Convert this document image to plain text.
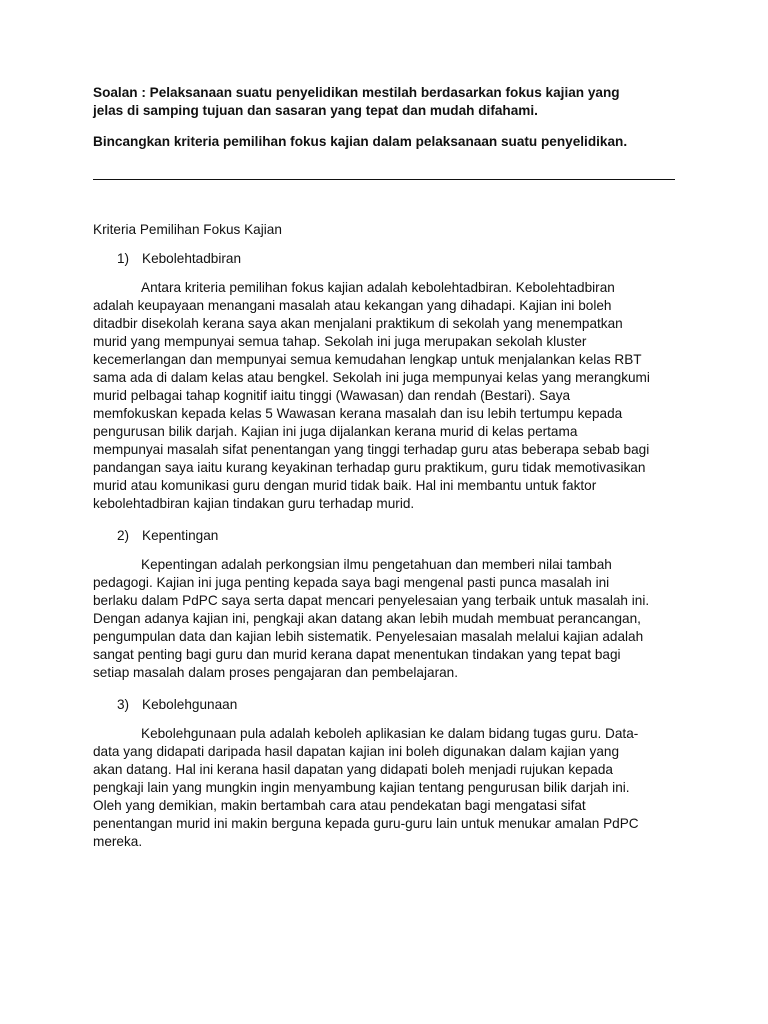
Soalan : Pelaksanaan suatu penyelidikan mestilah berdasarkan fokus kajian yang
jelas di samping tujuan dan sasaran yang tepat dan mudah difahami.

Bincangkan kriteria pemilihan fokus kajian dalam pelaksanaan suatu penyelidikan.

Kriteria Pemilihan Fokus Kajian

1) Kebolehtadbiran

Antara kriteria pemilihan fokus kajian adalah kebolehtadbiran. Kebolehtadbiran
adalah keupayaan menangani masalah atau kekangan yang dihadapi. Kajian ini boleh
ditadbir disekolah kerana saya akan menjalani praktikum di sekolah yang menempatkan
murid yang mempunyai semua tahap. Sekolah ini juga merupakan sekolah kluster
kecemerlangan dan mempunyai semua kemudahan lengkap untuk menjalankan kelas RBT
sama ada di dalam kelas atau bengkel. Sekolah ini juga mempunyai kelas yang merangkumi
murid pelbagai tahap kognitif iaitu tinggi (Wawasan) dan rendah (Bestari). Saya
memfokuskan kepada kelas 5 Wawasan kerana masalah dan isu lebih tertumpu kepada
pengurusan bilik darjah. Kajian ini juga dijalankan kerana murid di kelas pertama
mempunyai masalah sifat penentangan yang tinggi terhadap guru atas beberapa sebab bagi
pandangan saya iaitu kurang keyakinan terhadap guru praktikum, guru tidak memotivasikan
murid atau komunikasi guru dengan murid tidak baik. Hal ini membantu untuk faktor
kebolehtadbiran kajian tindakan guru terhadap murid.

2) Kepentingan

Kepentingan adalah perkongsian ilmu pengetahuan dan memberi nilai tambah
pedagogi. Kajian ini juga penting kepada saya bagi mengenal pasti punca masalah ini
berlaku dalam PdPC saya serta dapat mencari penyelesaian yang terbaik untuk masalah ini.
Dengan adanya kajian ini, pengkaji akan datang akan lebih mudah membuat perancangan,
pengumpulan data dan kajian lebih sistematik. Penyelesaian masalah melalui kajian adalah
sangat penting bagi guru dan murid kerana dapat menentukan tindakan yang tepat bagi
setiap masalah dalam proses pengajaran dan pembelajaran.

3) Kebolehgunaan

Kebolehgunaan pula adalah keboleh aplikasian ke dalam bidang tugas guru. Data-
data yang didapati daripada hasil dapatan kajian ini boleh digunakan dalam kajian yang
akan datang. Hal ini kerana hasil dapatan yang didapati boleh menjadi rujukan kepada
pengkaji lain yang mungkin ingin menyambung kajian tentang pengurusan bilik darjah ini.
Oleh yang demikian, makin bertambah cara atau pendekatan bagi mengatasi sifat
penentangan murid ini makin berguna kepada guru-guru lain untuk menukar amalan PdPC
mereka.
